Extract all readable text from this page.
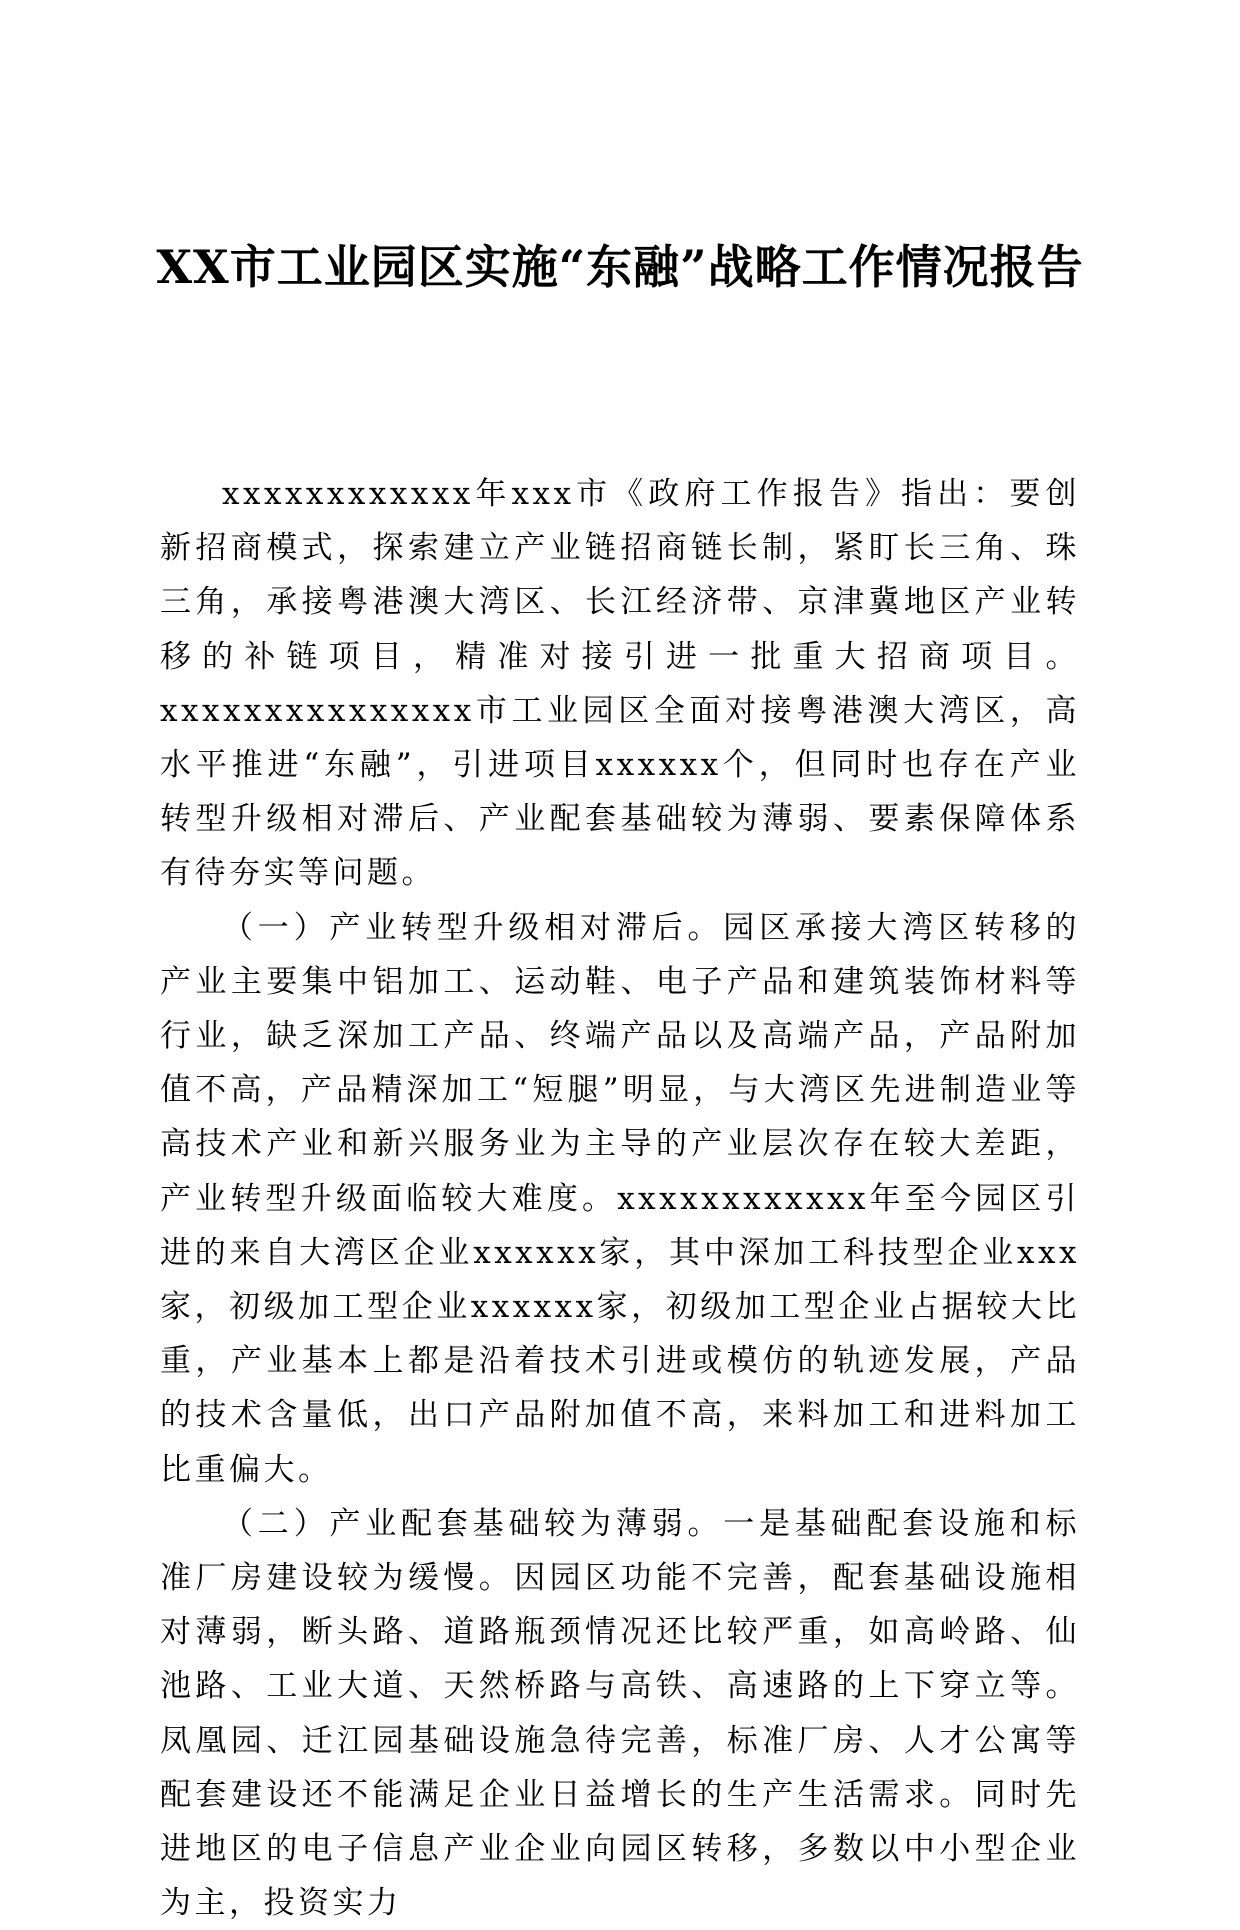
XX市工业园区实施“东融”战略工作情况报告

xxxxxxxxxxxx年xxx市《政府工作报告》指出：要创新招商模式，探索建立产业链招商链长制，紧盯长三角、珠三角，承接粤港澳大湾区、长江经济带、京津冀地区产业转移的补链项目，精准对接引进一批重大招商项目。xxxxxxxxxxxxxxx市工业园区全面对接粤港澳大湾区，高水平推进“东融”，引进项目xxxxxx个，但同时也存在产业转型升级相对滞后、产业配套基础较为薄弱、要素保障体系有待夯实等问题。

（一）产业转型升级相对滞后。园区承接大湾区转移的产业主要集中铝加工、运动鞋、电子产品和建筑装饰材料等行业，缺乏深加工产品、终端产品以及高端产品，产品附加值不高，产品精深加工“短腿”明显，与大湾区先进制造业等高技术产业和新兴服务业为主导的产业层次存在较大差距，产业转型升级面临较大难度。xxxxxxxxxxxx年至今园区引进的来自大湾区企业xxxxxx家，其中深加工科技型企业xxx家，初级加工型企业xxxxxx家，初级加工型企业占据较大比重，产业基本上都是沿着技术引进或模仿的轨迹发展，产品的技术含量低，出口产品附加值不高，来料加工和进料加工比重偏大。

（二）产业配套基础较为薄弱。一是基础配套设施和标准厂房建设较为缓慢。因园区功能不完善，配套基础设施相对薄弱，断头路、道路瓶颈情况还比较严重，如高岭路、仙池路、工业大道、天然桥路与高铁、高速路的上下穿立等。凤凰园、迁江园基础设施急待完善，标准厂房、人才公寓等配套建设还不能满足企业日益增长的生产生活需求。同时先进地区的电子信息产业企业向园区转移，多数以中小型企业为主，投资实力
